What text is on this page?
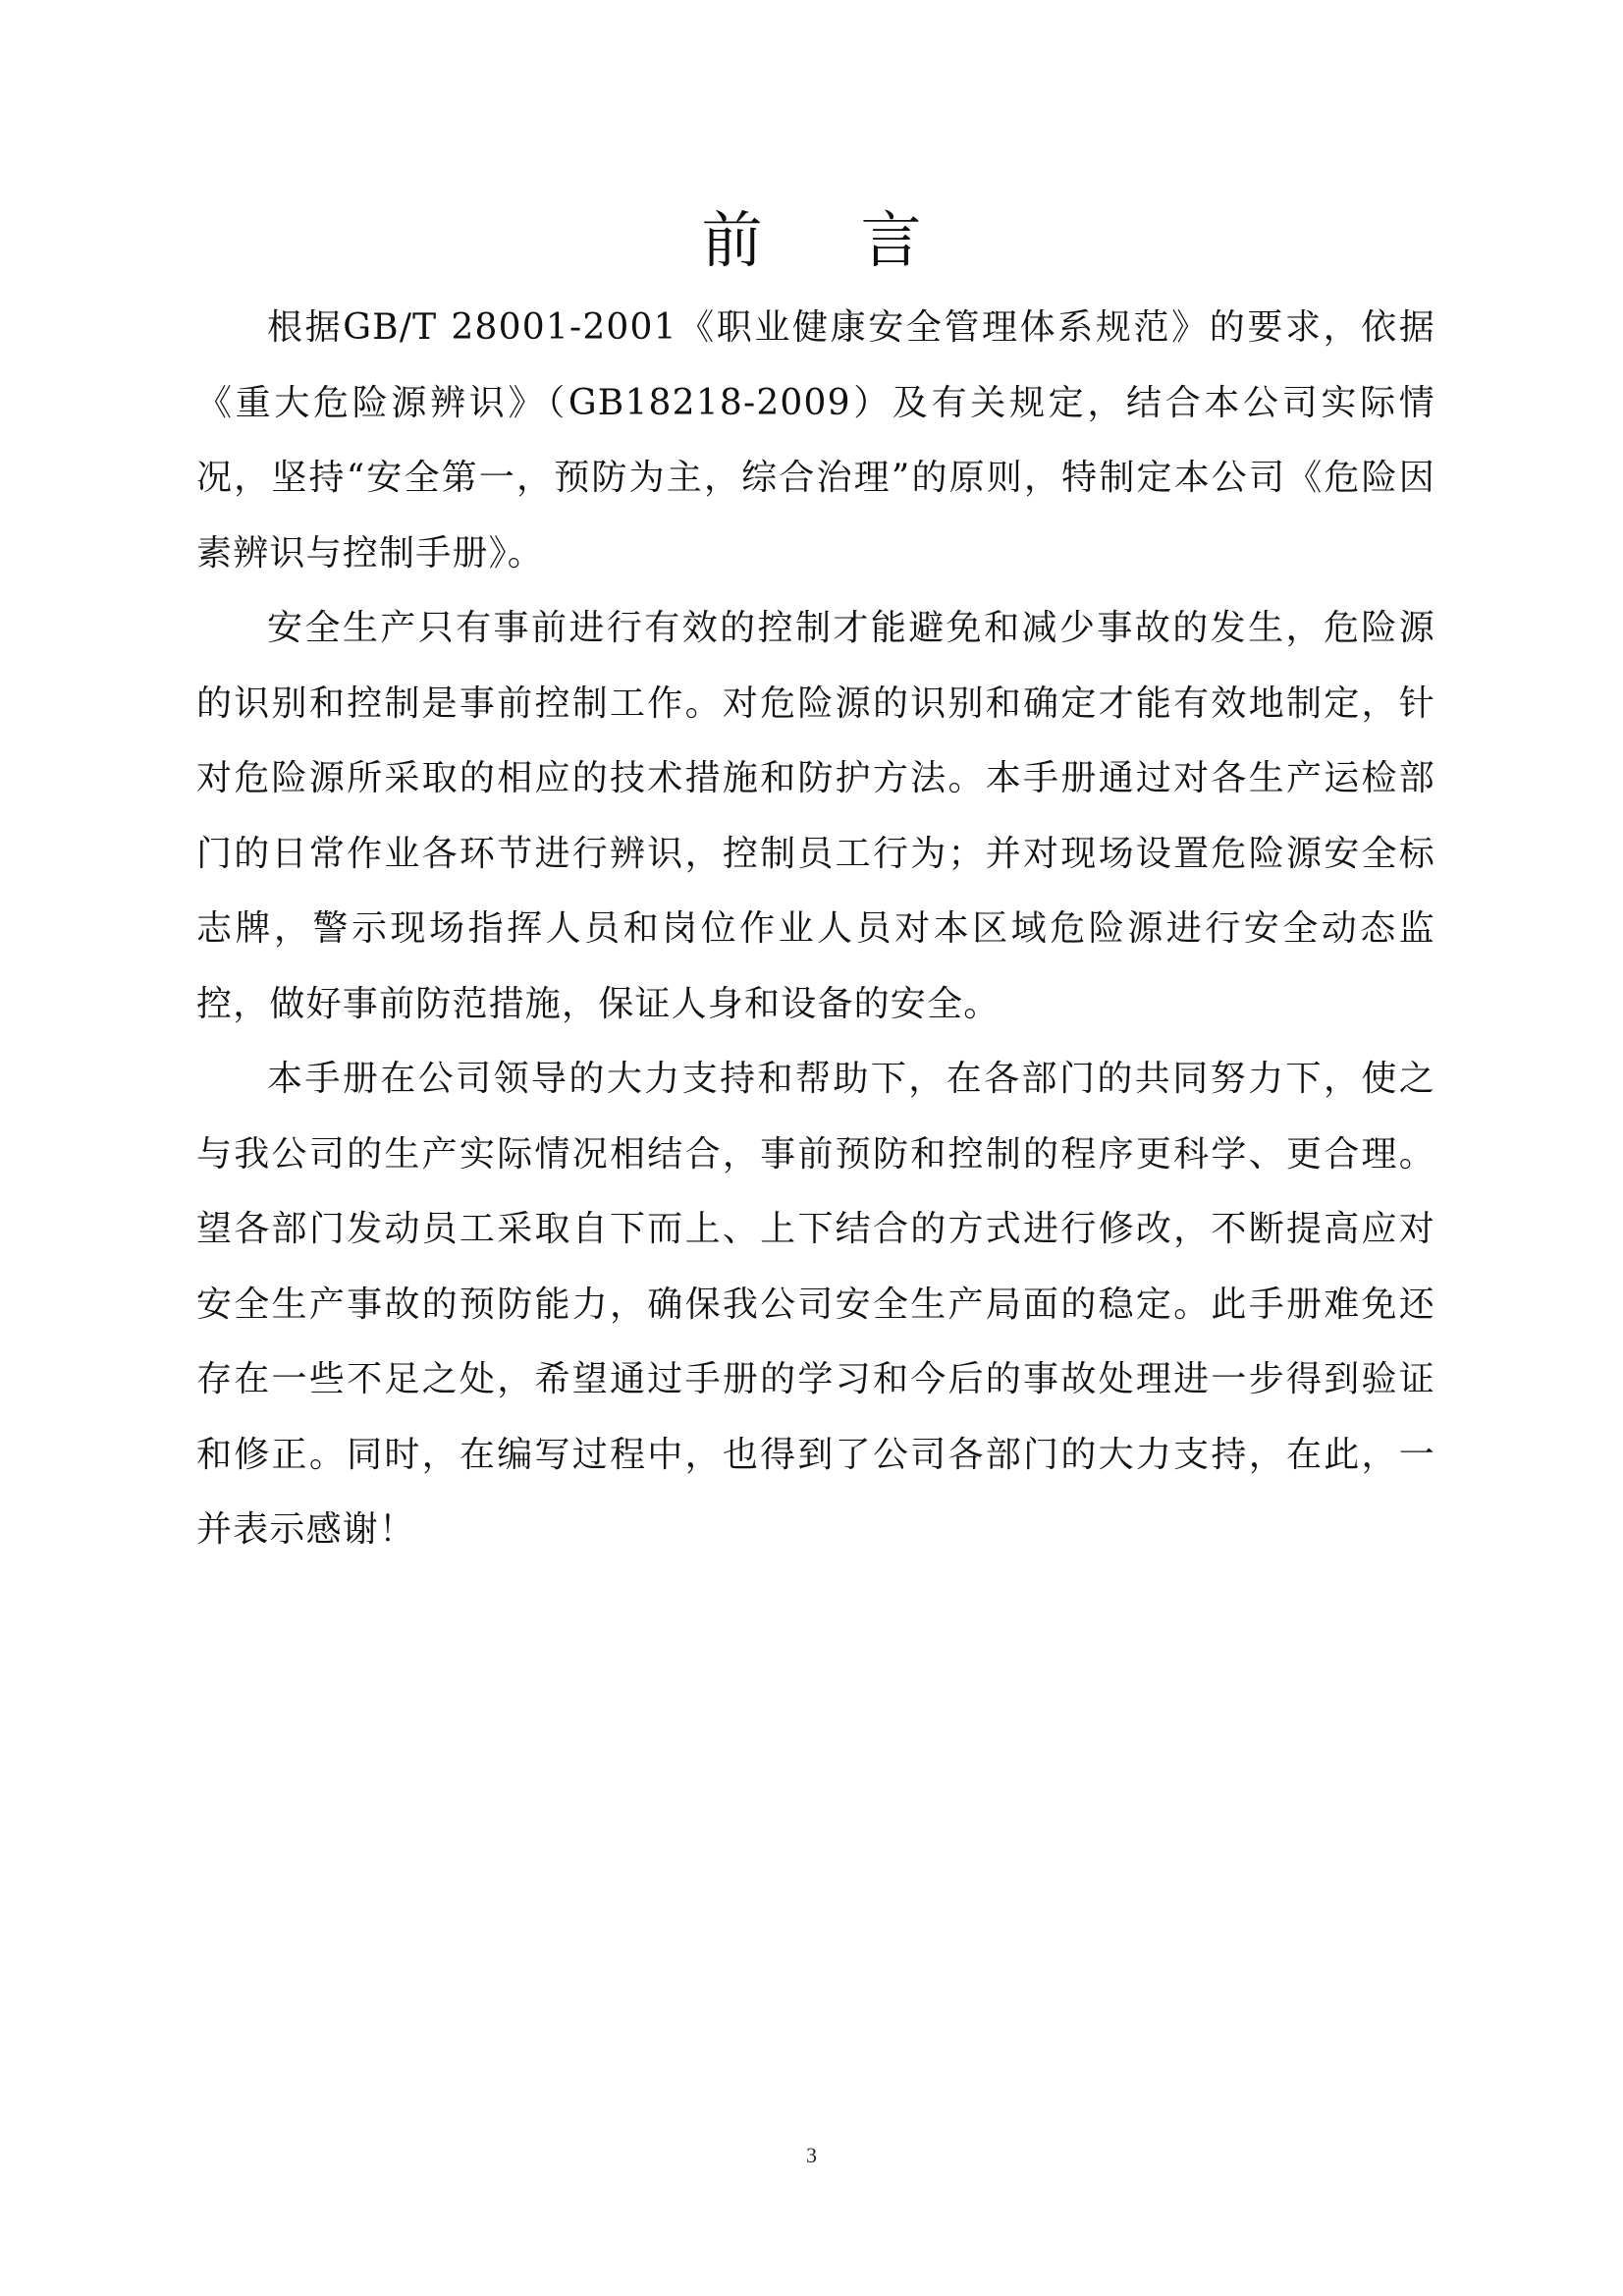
前言

根据GB/T 28001-2001《职业健康安全管理体系规范》的要求，依据《重大危险源辨识》（GB18218-2009）及有关规定，结合本公司实际情况，坚持“安全第一，预防为主，综合治理”的原则，特制定本公司《危险因素辨识与控制手册》。

安全生产只有事前进行有效的控制才能避免和减少事故的发生，危险源的识别和控制是事前控制工作。对危险源的识别和确定才能有效地制定，针对危险源所采取的相应的技术措施和防护方法。本手册通过对各生产运检部门的日常作业各环节进行辨识，控制员工行为；并对现场设置危险源安全标志牌，警示现场指挥人员和岗位作业人员对本区域危险源进行安全动态监控，做好事前防范措施，保证人身和设备的安全。

本手册在公司领导的大力支持和帮助下，在各部门的共同努力下，使之与我公司的生产实际情况相结合，事前预防和控制的程序更科学、更合理。望各部门发动员工采取自下而上、上下结合的方式进行修改，不断提高应对安全生产事故的预防能力，确保我公司安全生产局面的稳定。此手册难免还存在一些不足之处，希望通过手册的学习和今后的事故处理进一步得到验证和修正。同时，在编写过程中，也得到了公司各部门的大力支持，在此，一并表示感谢！

3
